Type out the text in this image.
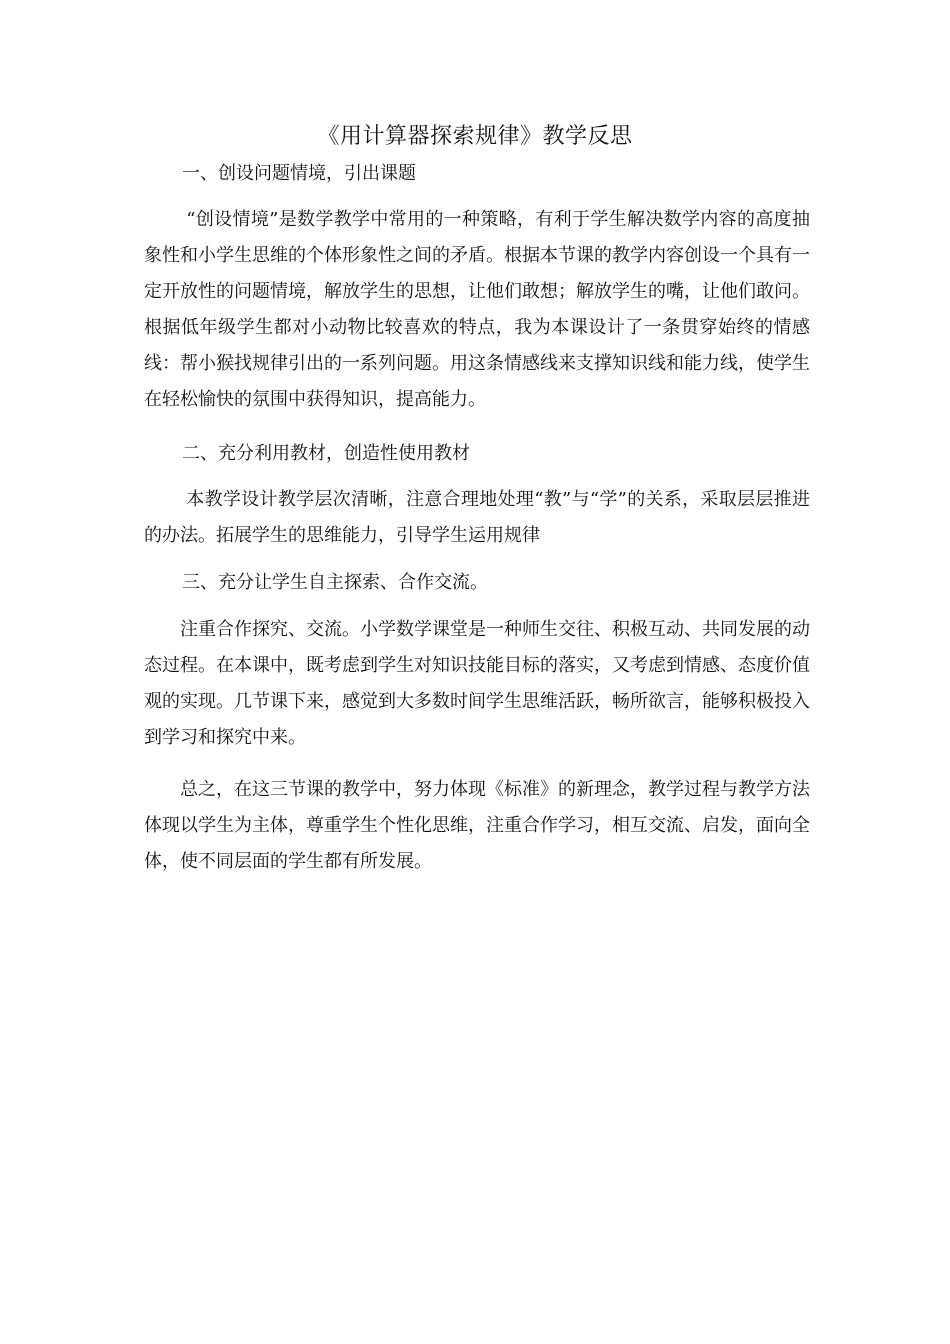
《用计算器探索规律》教学反思
一、创设问题情境，引出课题
“创设情境”是数学教学中常用的一种策略，有利于学生解决数学内容的高度抽象性和小学生思维的个体形象性之间的矛盾。根据本节课的教学内容创设一个具有一定开放性的问题情境，解放学生的思想，让他们敢想；解放学生的嘴，让他们敢问。根据低年级学生都对小动物比较喜欢的特点，我为本课设计了一条贯穿始终的情感线：帮小猴找规律引出的一系列问题。用这条情感线来支撑知识线和能力线，使学生在轻松愉快的氛围中获得知识，提高能力。
二、充分利用教材，创造性使用教材
本教学设计教学层次清晰，注意合理地处理“教”与“学”的关系，采取层层推进的办法。拓展学生的思维能力，引导学生运用规律
三、充分让学生自主探索、合作交流。
注重合作探究、交流。小学数学课堂是一种师生交往、积极互动、共同发展的动态过程。在本课中，既考虑到学生对知识技能目标的落实，又考虑到情感、态度价值观的实现。几节课下来，感觉到大多数时间学生思维活跃，畅所欲言，能够积极投入到学习和探究中来。
总之，在这三节课的教学中，努力体现《标准》的新理念，教学过程与教学方法体现以学生为主体，尊重学生个性化思维，注重合作学习，相互交流、启发，面向全体，使不同层面的学生都有所发展。
